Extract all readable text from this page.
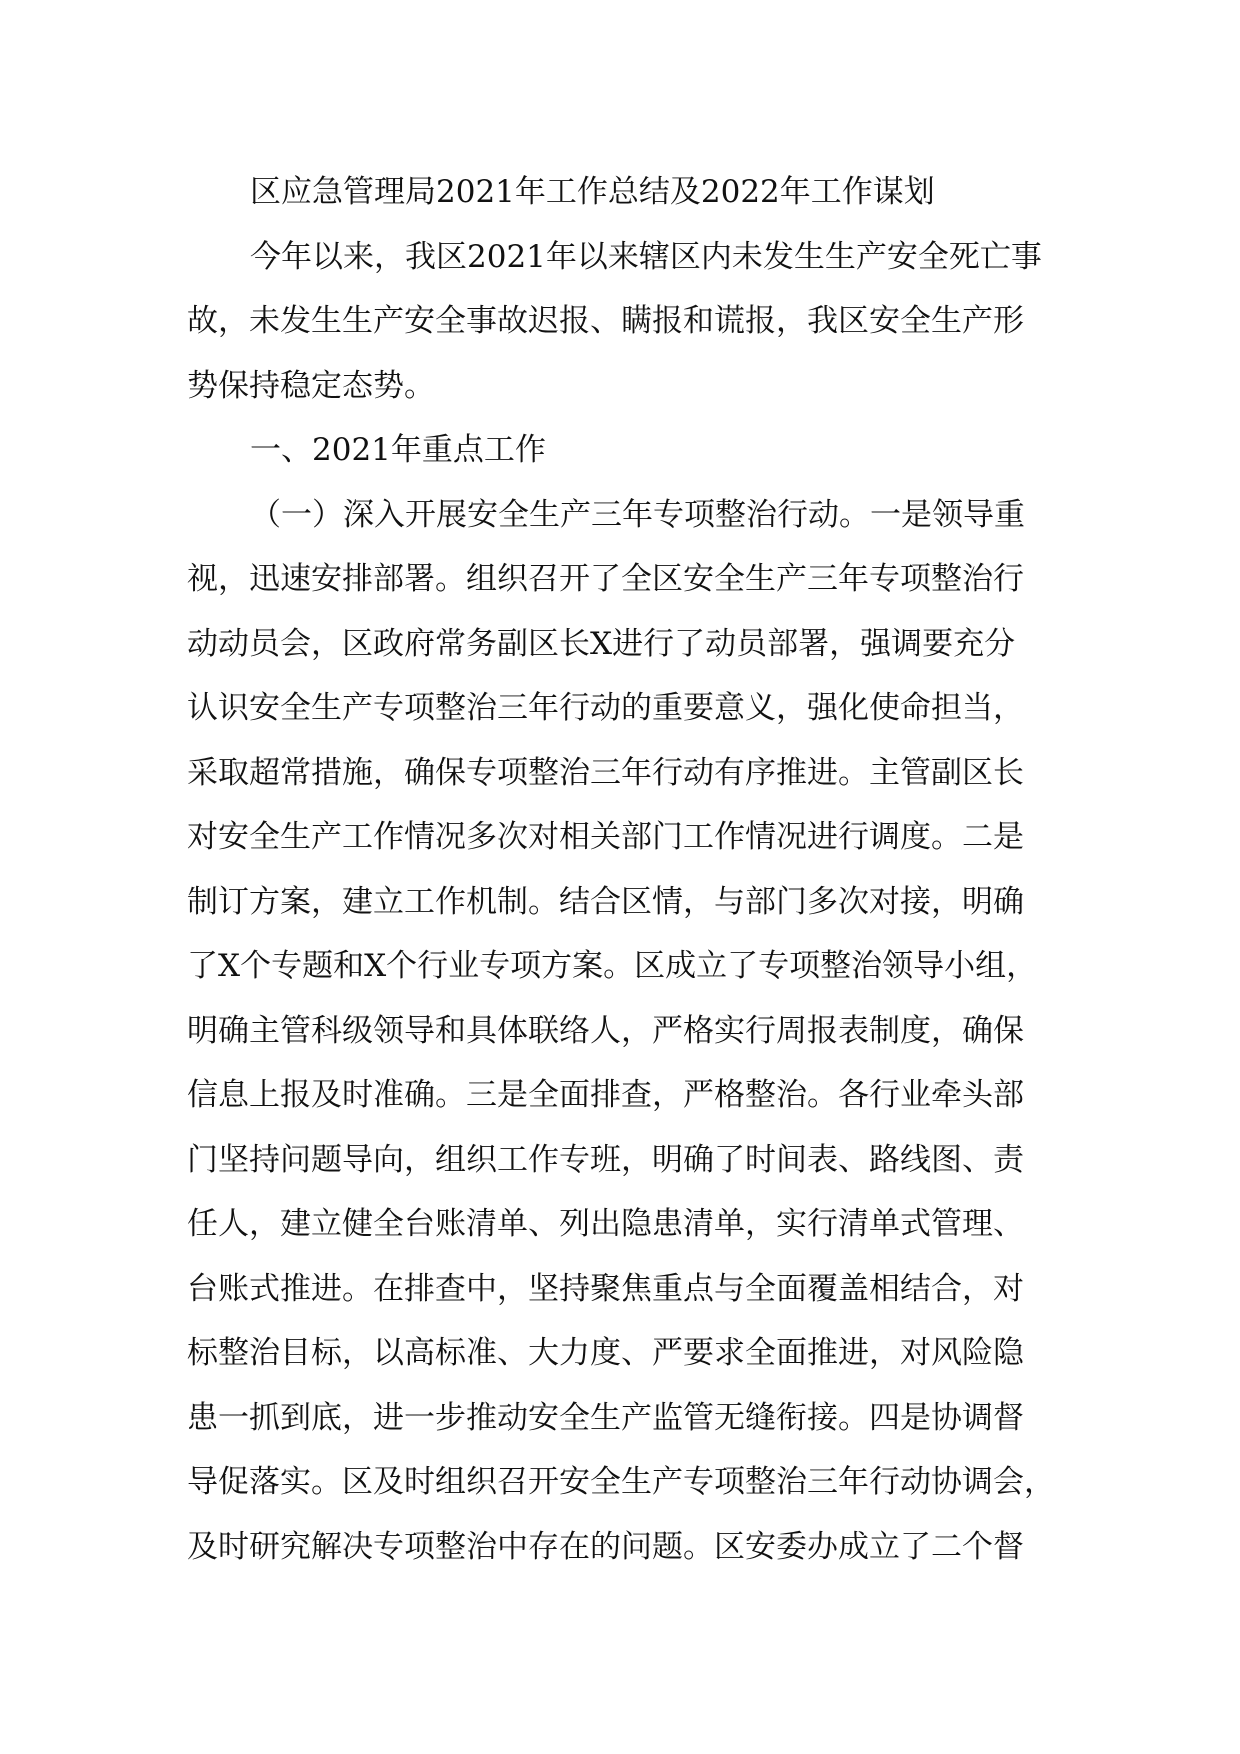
区应急管理局2021年工作总结及2022年工作谋划
今年以来，我区2021年以来辖区内未发生生产安全死亡事
故，未发生生产安全事故迟报、瞒报和谎报，我区安全生产形
势保持稳定态势。
一、2021年重点工作
（一）深入开展安全生产三年专项整治行动。一是领导重
视，迅速安排部署。组织召开了全区安全生产三年专项整治行
动动员会，区政府常务副区长X进行了动员部署，强调要充分
认识安全生产专项整治三年行动的重要意义，强化使命担当，
采取超常措施，确保专项整治三年行动有序推进。主管副区长
对安全生产工作情况多次对相关部门工作情况进行调度。二是
制订方案，建立工作机制。结合区情，与部门多次对接，明确
了X个专题和X个行业专项方案。区成立了专项整治领导小组，
明确主管科级领导和具体联络人，严格实行周报表制度，确保
信息上报及时准确。三是全面排查，严格整治。各行业牵头部
门坚持问题导向，组织工作专班，明确了时间表、路线图、责
任人，建立健全台账清单、列出隐患清单，实行清单式管理、
台账式推进。在排查中，坚持聚焦重点与全面覆盖相结合，对
标整治目标，以高标准、大力度、严要求全面推进，对风险隐
患一抓到底，进一步推动安全生产监管无缝衔接。四是协调督
导促落实。区及时组织召开安全生产专项整治三年行动协调会，
及时研究解决专项整治中存在的问题。区安委办成立了二个督
